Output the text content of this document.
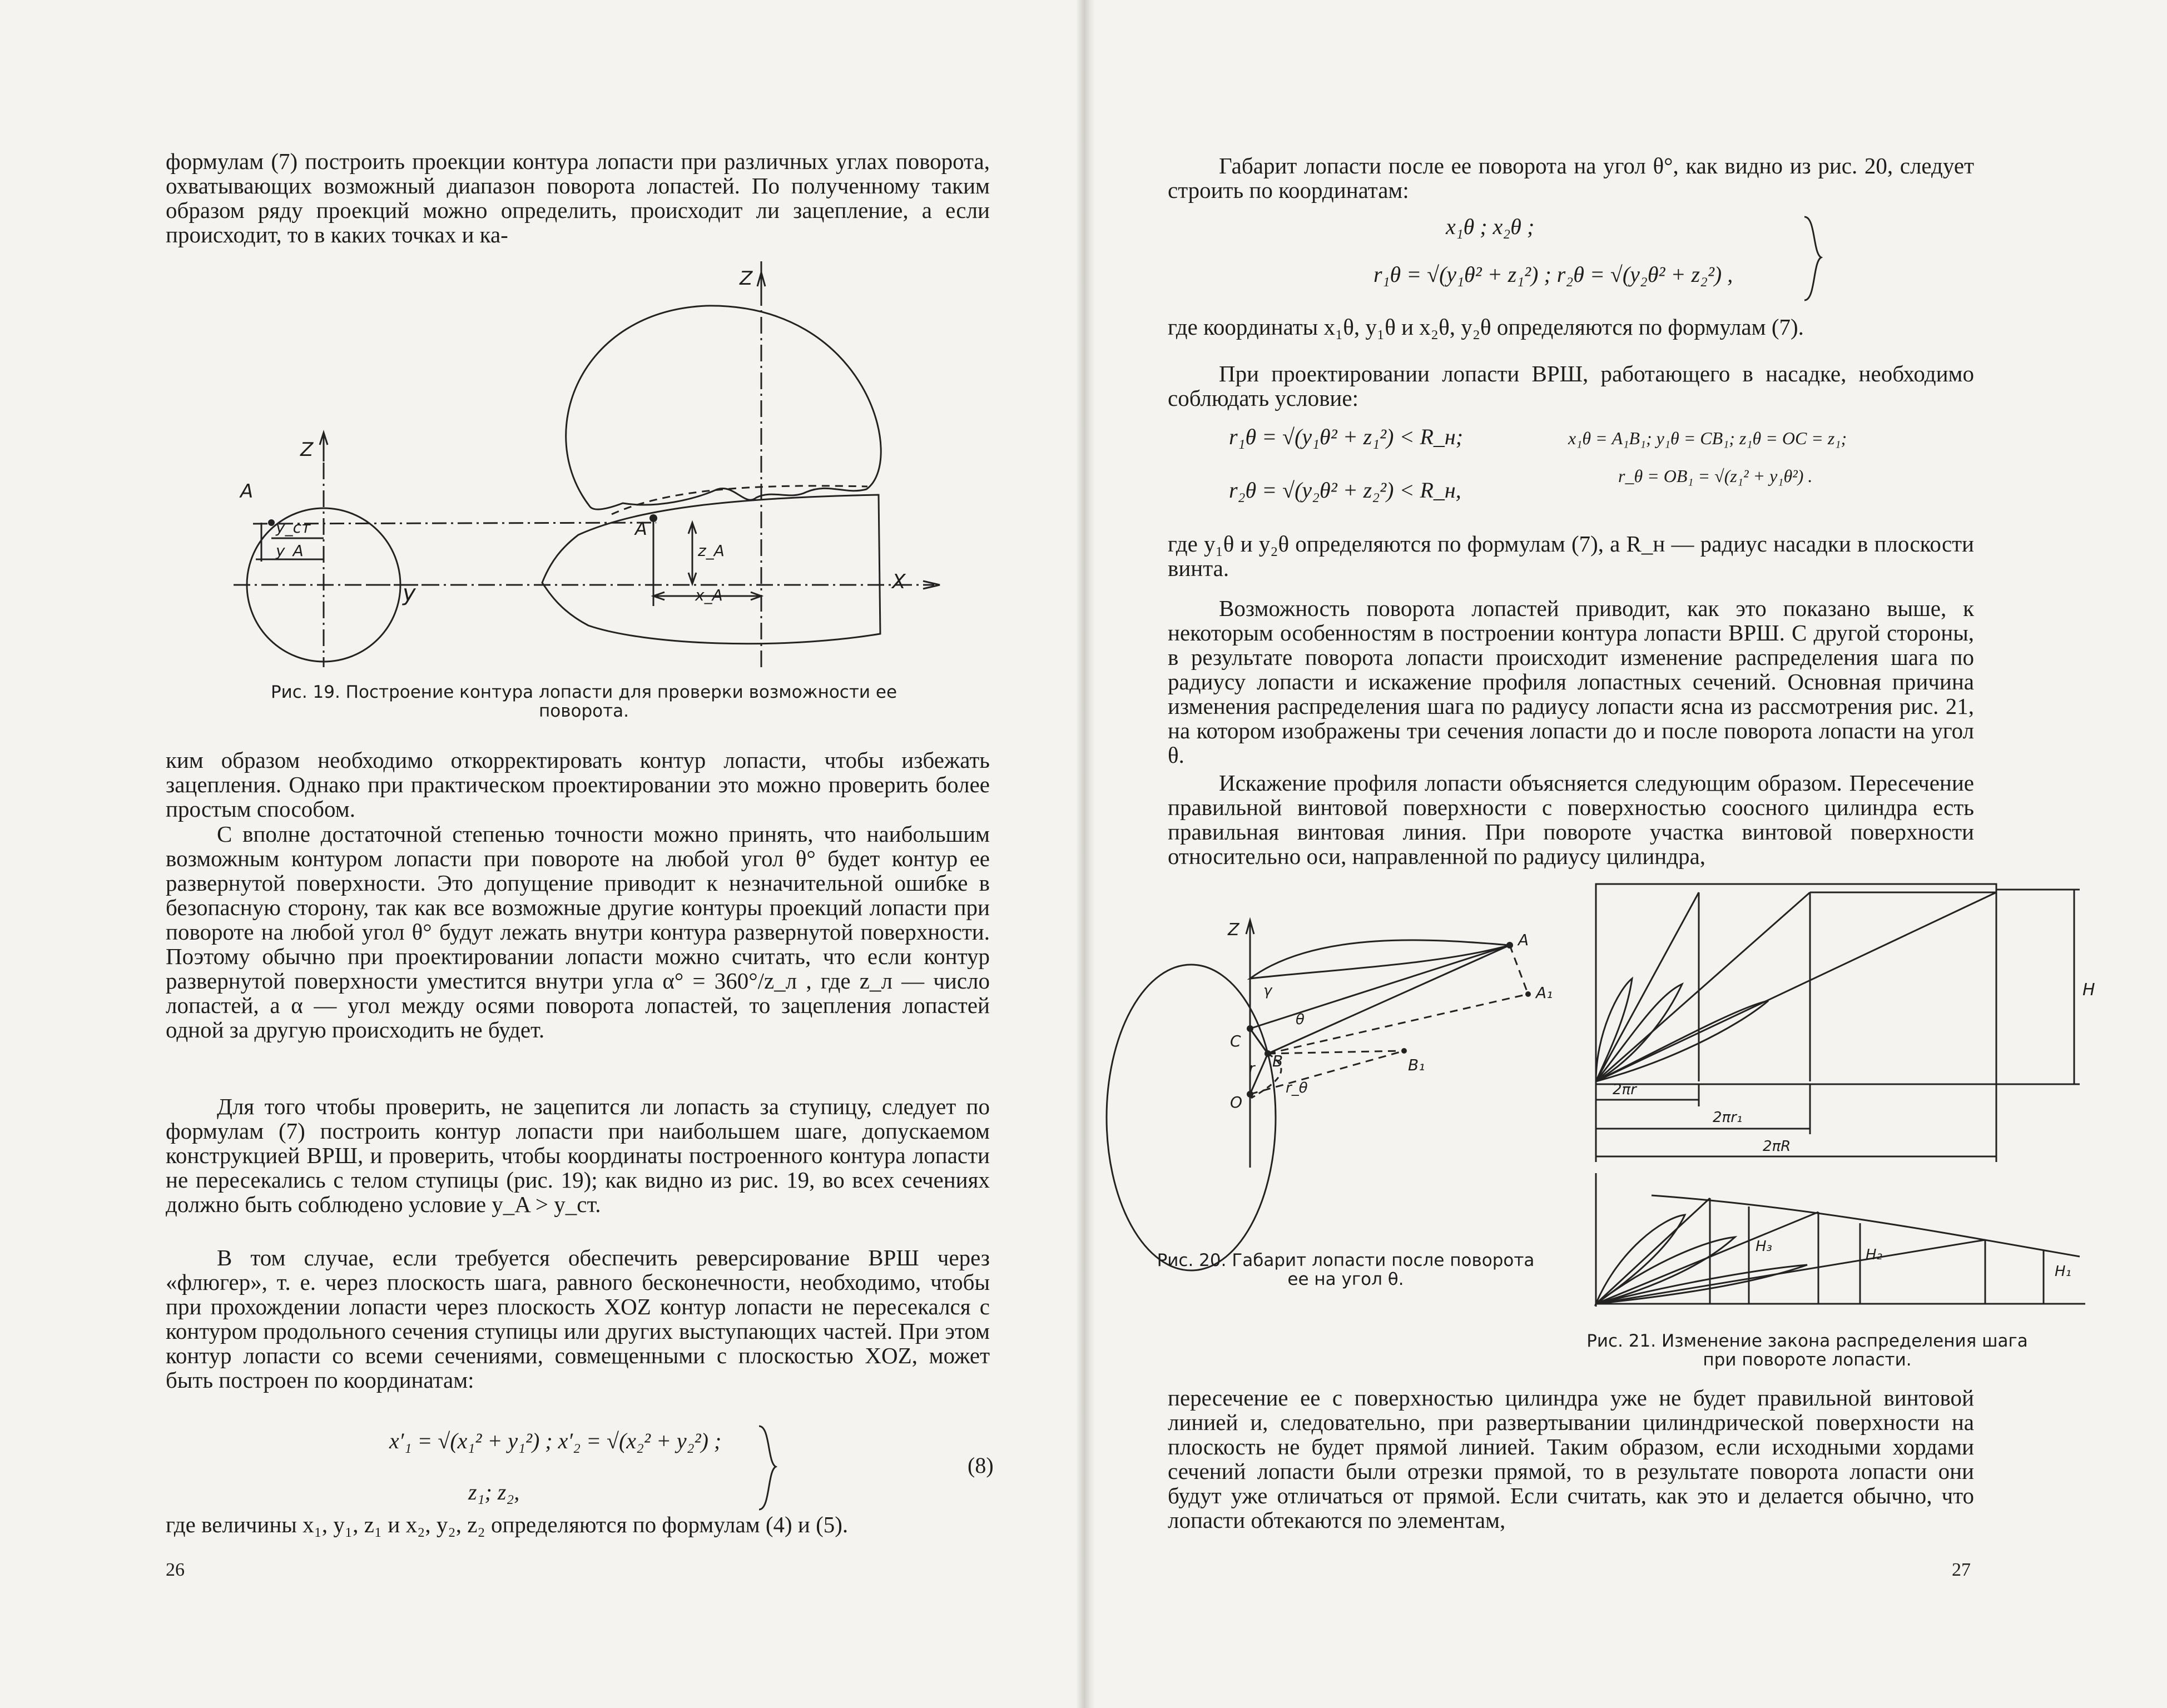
формулам (7) построить проекции контура лопасти при различных углах поворота, охватывающих возможный диапазон поворота лопастей. По полученному таким образом ряду проекций можно определить, происходит ли зацепление, а если происходит, то в каких точках и ка-

Z
Z
A
A
y	X
y_ст
y_A	z_A
x_A

Рис. 19. Построение контура лопасти для проверки возможности ее поворота.

ким образом необходимо откорректировать контур лопасти, чтобы избежать зацепления. Однако при практическом проектировании это можно проверить более простым способом.

С вполне достаточной степенью точности можно принять, что наибольшим возможным контуром лопасти при повороте на любой угол θ° будет контур ее развернутой поверхности. Это допущение приводит к незначительной ошибке в безопасную сторону, так как все возможные другие контуры проекций лопасти при повороте на любой угол θ° будут лежать внутри контура развернутой поверхности. Поэтому обычно при проектировании лопасти можно считать, что если контур развернутой поверхности уместится внутри угла α° = 360°/z_л , где z_л — число лопастей, а α — угол между осями поворота лопастей, то зацепления лопастей одной за другую происходить не будет.

Для того чтобы проверить, не зацепится ли лопасть за ступицу, следует по формулам (7) построить контур лопасти при наибольшем шаге, допускаемом конструкцией ВРШ, и проверить, чтобы координаты построенного контура лопасти не пересекались с телом ступицы (рис. 19); как видно из рис. 19, во всех сечениях должно быть соблюдено условие y_A > y_ст.

В том случае, если требуется обеспечить реверсирование ВРШ через «флюгер», т. е. через плоскость шага, равного бесконечности, необходимо, чтобы при прохождении лопасти через плоскость XOZ контур лопасти не пересекался с контуром продольного сечения ступицы или других выступающих частей. При этом контур лопасти со всеми сечениями, совмещенными с плоскостью XOZ, может быть построен по координатам:

x′₁ = √(x₁² + y₁²) ; x′₂ = √(x₂² + y₂²) ;
z₁; z₂,
(8)

где величины x₁, y₁, z₁ и x₂, y₂, z₂ определяются по формулам (4) и (5).

26

Габарит лопасти после ее поворота на угол θ°, как видно из рис. 20, следует строить по координатам:

x₁θ ; x₂θ ;
r₁θ = √(y₁θ² + z₁²) ; r₂θ = √(y₂θ² + z₂²) ,

где координаты x₁θ, y₁θ и x₂θ, y₂θ определяются по формулам (7).

При проектировании лопасти ВРШ, работающего в насадке, необходимо соблюдать условие:

r₁θ = √(y₁θ² + z₁²) < R_н;
r₂θ = √(y₂θ² + z₂²) < R_н,
x₁θ = A₁B₁; y₁θ = CB₁; z₁θ = OC = z₁;
r_θ = OB₁ = √(z₁² + y₁θ²) .

где y₁θ и y₂θ определяются по формулам (7), а R_н — радиус насадки в плоскости винта.

Возможность поворота лопастей приводит, как это показано выше, к некоторым особенностям в построении контура лопасти ВРШ. С другой стороны, в результате поворота лопасти происходит изменение распределения шага по радиусу лопасти и искажение профиля лопастных сечений. Основная причина изменения распределения шага по радиусу лопасти ясна из рассмотрения рис. 21, на котором изображены три сечения лопасти до и после поворота лопасти на угол θ.

Искажение профиля лопасти объясняется следующим образом. Пересечение правильной винтовой поверхности с поверхностью соосного цилиндра есть правильная винтовая линия. При повороте участка винтовой поверхности относительно оси, направленной по радиусу цилиндра,

Z
A
A₁
C
B	B₁
O
r
r_θ
γ
θ

Рис. 20. Габарит лопасти после поворота ее на угол θ.

H
2πr
2πr₁
2πR
H₁
H₂
H₃

Рис. 21. Изменение закона распределения шага при повороте лопасти.

пересечение ее с поверхностью цилиндра уже не будет правильной винтовой линией и, следовательно, при развертывании цилиндрической поверхности на плоскость не будет прямой линией. Таким образом, если исходными хордами сечений лопасти были отрезки прямой, то в результате поворота лопасти они будут уже отличаться от прямой. Если считать, как это и делается обычно, что лопасти обтекаются по элементам,

27
